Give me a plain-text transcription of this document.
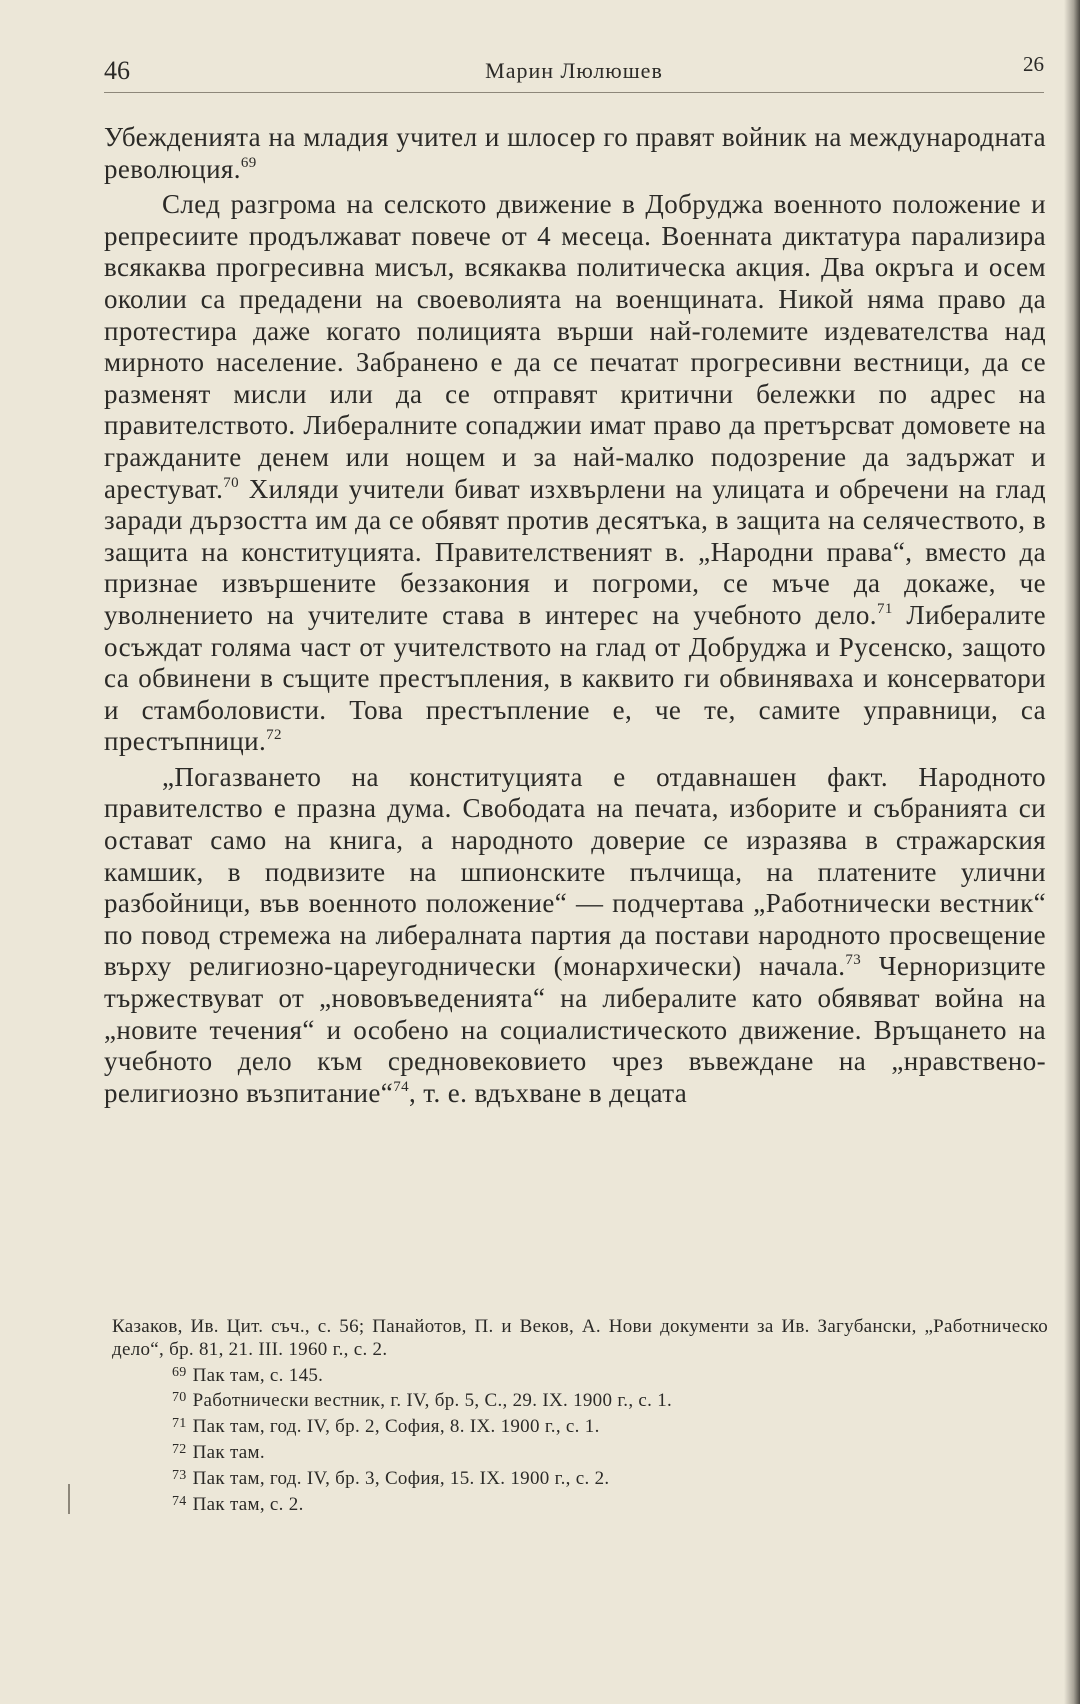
46	Марин Люлюшев	26

Убежденията на младия учител и шлосер го правят войник на международната революция.$^{69}$

След разгрома на селското движение в Добруджа военното положение и репресиите продължават повече от 4 месеца. Военната диктатура парализира всякаква прогресивна мисъл, всякаква политическа акция. Два окръга и осем околии са предадени на своеволията на военщината. Никой няма право да протестира даже когато полицията върши най-големите издевателства над мирното население. Забранено е да се печатат прогресивни вестници, да се разменят мисли или да се отправят критични бележки по адрес на правителството. Либералните сопаджии имат право да претърсват домовете на гражданите денем или нощем и за най-малко подозрение да задържат и арестуват.$^{70}$ Хиляди учители биват изхвърлени на улицата и обречени на глад заради дързостта им да се обявят против десятъка, в защита на селячеството, в защита на конституцията. Правителственият в. „Народни права“, вместо да признае извършените беззакония и погроми, се мъче да докаже, че уволнението на учителите става в интерес на учебното дело.$^{71}$ Либералите осъждат голяма част от учителството на глад от Добруджа и Русенско, защото са обвинени в същите престъпления, в каквито ги обвиняваха и консерватори и стамболовисти. Това престъпление е, че те, самите управници, са престъпници.$^{72}$

„Погазването на конституцията е отдавнашен факт. Народното правителство е празна дума. Свободата на печата, изборите и събранията си остават само на книга, а народното доверие се изразява в стражарския камшик, в подвизите на шпионските пълчища, на платените улични разбойници, във военното положение“ — подчертава „Работнически вестник“ по повод стремежа на либералната партия да постави народното просвещение върху религиозно-цареугоднически (монархически) начала.$^{73}$ Черноризците тържествуват от „нововъведенията“ на либералите като обявяват война на „новите течения“ и особено на социалистическото движение. Връщането на учебното дело към средновековието чрез въвеждане на „нравствено-религиозно възпитание“$^{74}$, т. е. вдъхване в децата

Казаков, Ив. Цит. съч., с. 56; Панайотов, П. и Веков, А. Нови документи за Ив. Загубански, „Работническо дело“, бр. 81, 21. III. 1960 г., с. 2.
$^{69}$ Пак там, с. 145.
$^{70}$ Работнически вестник, г. IV, бр. 5, С., 29. IX. 1900 г., с. 1.
$^{71}$ Пак там, год. IV, бр. 2, София, 8. IX. 1900 г., с. 1.
$^{72}$ Пак там.
$^{73}$ Пак там, год. IV, бр. 3, София, 15. IX. 1900 г., с. 2.
$^{74}$ Пак там, с. 2.
